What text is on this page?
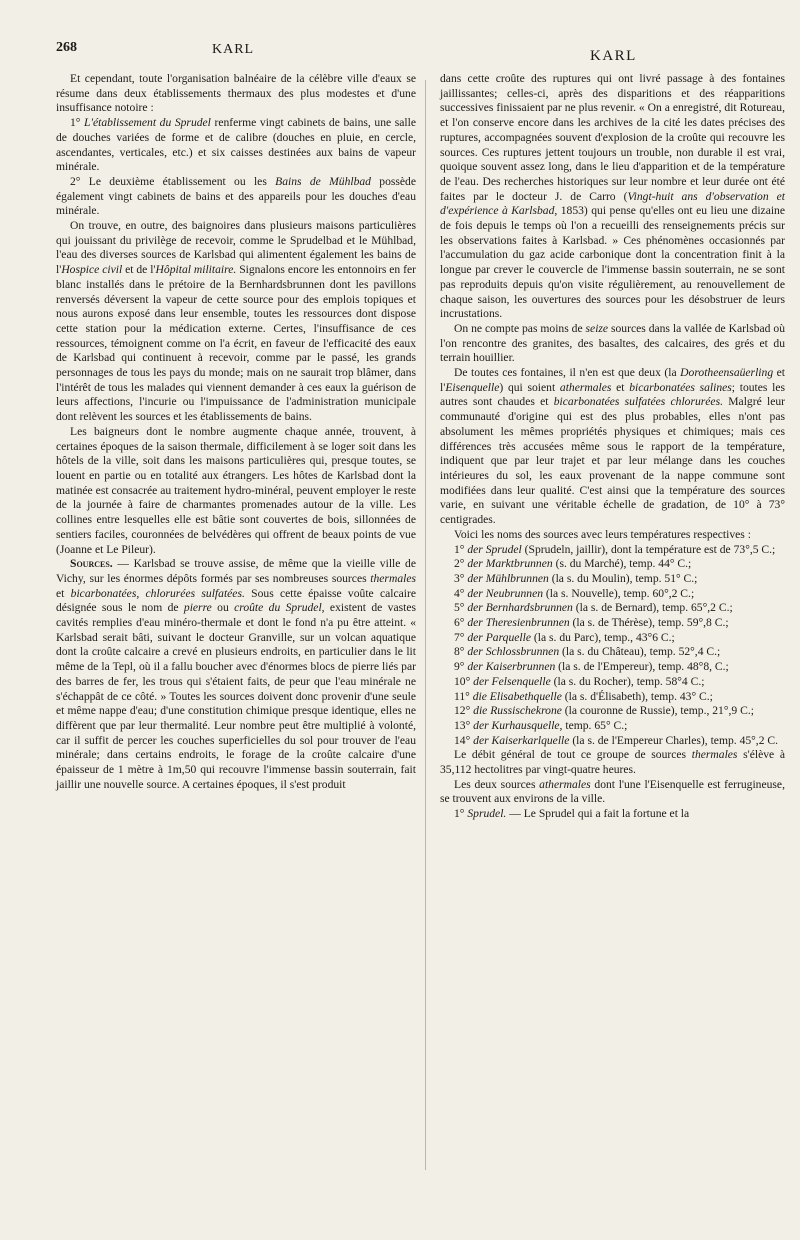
268	KARL	KARL

Et cependant, toute l'organisation balnéaire de la célèbre ville d'eaux se résume dans deux établissements thermaux des plus modestes et d'une insuffisance notoire :

1° L'établissement du Sprudel renferme vingt cabinets de bains, une salle de douches variées de forme et de calibre (douches en pluie, en cercle, ascendantes, verticales, etc.) et six caisses destinées aux bains de vapeur minérale.

2° Le deuxième établissement ou les Bains de Mühlbad possède également vingt cabinets de bains et des appareils pour les douches d'eau minérale.

On trouve, en outre, des baignoires dans plusieurs maisons particulières qui jouissant du privilège de recevoir, comme le Sprudelbad et le Mühlbad, l'eau des diverses sources de Karlsbad qui alimentent également les bains de l'Hospice civil et de l'Hôpital militaire. Signalons encore les entonnoirs en fer blanc installés dans le prétoire de la Bernhardsbrunnen dont les pavillons renversés déversent la vapeur de cette source pour des emplois topiques et nous aurons exposé dans leur ensemble, toutes les ressources dont dispose cette station pour la médication externe. Certes, l'insuffisance de ces ressources, témoignent comme on l'a écrit, en faveur de l'efficacité des eaux de Karlsbad qui continuent à recevoir, comme par le passé, les grands personnages de tous les pays du monde; mais on ne saurait trop blâmer, dans l'intérêt de tous les malades qui viennent demander à ces eaux la guérison de leurs affections, l'incurie ou l'impuissance de l'administration municipale dont relèvent les sources et les établissements de bains.

Les baigneurs dont le nombre augmente chaque année, trouvent, à certaines époques de la saison thermale, difficilement à se loger soit dans les hôtels de la ville, soit dans les maisons particulières qui, presque toutes, se louent en partie ou en totalité aux étrangers. Les hôtes de Karlsbad dont la matinée est consacrée au traitement hydro-minéral, peuvent employer le reste de la journée à faire de charmantes promenades autour de la ville. Les collines entre lesquelles elle est bâtie sont couvertes de bois, sillonnées de sentiers faciles, couronnées de belvédères qui offrent de beaux points de vue (Joanne et Le Pileur).

Sources. — Karlsbad se trouve assise, de même que la vieille ville de Vichy, sur les énormes dépôts formés par ses nombreuses sources thermales et bicarbonatées, chlorurées sulfatées. Sous cette épaisse voûte calcaire désignée sous le nom de pierre ou croûte du Sprudel, existent de vastes cavités remplies d'eau minéro-thermale et dont le fond n'a pu être atteint. « Karlsbad serait bâti, suivant le docteur Granville, sur un volcan aquatique dont la croûte calcaire a crevé en plusieurs endroits, en particulier dans le lit même de la Tepl, où il a fallu boucher avec d'énormes blocs de pierre liés par des barres de fer, les trous qui s'étaient faits, de peur que l'eau minérale ne s'échappât de ce côté. » Toutes les sources doivent donc provenir d'une seule et même nappe d'eau; d'une constitution chimique presque identique, elles ne diffèrent que par leur thermalité. Leur nombre peut être multiplié à volonté, car il suffit de percer les couches superficielles du sol pour trouver de l'eau minérale; dans certains endroits, le forage de la croûte calcaire d'une épaisseur de 1 mètre à 1m,50 qui recouvre l'immense bassin souterrain, fait jaillir une nouvelle source. A certaines époques, il s'est produit

dans cette croûte des ruptures qui ont livré passage à des fontaines jaillissantes; celles-ci, après des disparitions et des réapparitions successives finissaient par ne plus revenir. « On a enregistré, dit Rotureau, et l'on conserve encore dans les archives de la cité les dates précises des ruptures, accompagnées souvent d'explosion de la croûte qui recouvre les sources. Ces ruptures jettent toujours un trouble, non durable il est vrai, quoique souvent assez long, dans le lieu d'apparition et de la température de l'eau. Des recherches historiques sur leur nombre et leur durée ont été faites par le docteur J. de Carro (Vingt-huit ans d'observation et d'expérience à Karlsbad, 1853) qui pense qu'elles ont eu lieu une dizaine de fois depuis le temps où l'on a recueilli des renseignements précis sur les observations faites à Karlsbad. » Ces phénomènes occasionnés par l'accumulation du gaz acide carbonique dont la concentration finit à la longue par crever le couvercle de l'immense bassin souterrain, ne se sont pas reproduits depuis qu'on visite régulièrement, au renouvellement de chaque saison, les ouvertures des sources pour les désobstruer de leurs incrustations.

On ne compte pas moins de seize sources dans la vallée de Karlsbad où l'on rencontre des granites, des basaltes, des calcaires, des grés et du terrain houillier.

De toutes ces fontaines, il n'en est que deux (la Dorotheensaüerling et l'Eisenquelle) qui soient athermales et bicarbonatées salines; toutes les autres sont chaudes et bicarbonatées sulfatées chlorurées. Malgré leur communauté d'origine qui est des plus probables, elles n'ont pas absolument les mêmes propriétés physiques et chimiques; mais ces différences très accusées même sous le rapport de la température, indiquent que par leur trajet et par leur mélange dans les couches intérieures du sol, les eaux provenant de la nappe commune sont modifiées dans leur qualité. C'est ainsi que la température des sources varie, en suivant une véritable échelle de gradation, de 10° à 73° centigrades.

Voici les noms des sources avec leurs températures respectives :

1° der Sprudel (Sprudeln, jaillir), dont la température est de 73°,5 C.;

2° der Marktbrunnen (s. du Marché), temp. 44° C.;

3° der Mühlbrunnen (la s. du Moulin), temp. 51° C.;

4° der Neubrunnen (la s. Nouvelle), temp. 60°,2 C.;

5° der Bernhardsbrunnen (la s. de Bernard), temp. 65°,2 C.;

6° der Theresienbrunnen (la s. de Thérèse), temp. 59°,8 C.;

7° der Parquelle (la s. du Parc), temp., 43°6 C.;

8° der Schlossbrunnen (la s. du Château), temp. 52°,4 C.;

9° der Kaiserbrunnen (la s. de l'Empereur), temp. 48°8, C.;

10° der Felsenquelle (la s. du Rocher), temp. 58°4 C.;

11° die Elisabethquelle (la s. d'Élisabeth), temp. 43° C.;

12° die Russischekrone (la couronne de Russie), temp., 21°,9 C.;

13° der Kurhausquelle, temp. 65° C.;

14° der Kaiserkarlquelle (la s. de l'Empereur Charles), temp. 45°,2 C.

Le débit général de tout ce groupe de sources thermales s'élève à 35,112 hectolitres par vingt-quatre heures.

Les deux sources athermales dont l'une l'Eisenquelle est ferrugineuse, se trouvent aux environs de la ville.

1° Sprudel. — Le Sprudel qui a fait la fortune et la
